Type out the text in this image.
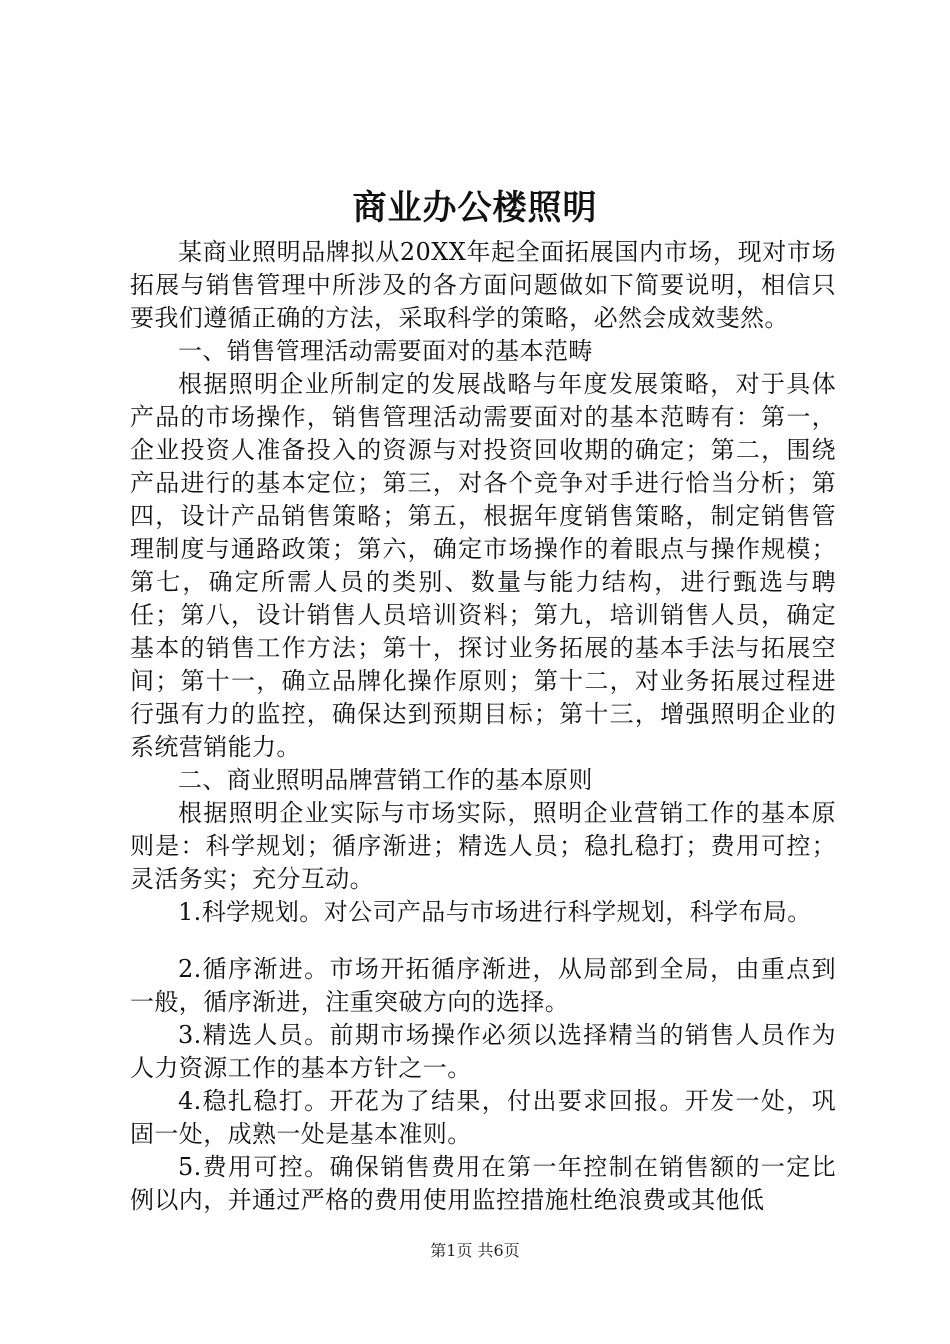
商业办公楼照明

某商业照明品牌拟从20XX年起全面拓展国内市场，现对市场拓展与销售管理中所涉及的各方面问题做如下简要说明，相信只要我们遵循正确的方法，采取科学的策略，必然会成效斐然。

一、销售管理活动需要面对的基本范畴

根据照明企业所制定的发展战略与年度发展策略，对于具体产品的市场操作，销售管理活动需要面对的基本范畴有：第一，企业投资人准备投入的资源与对投资回收期的确定；第二，围绕产品进行的基本定位；第三，对各个竞争对手进行恰当分析；第四，设计产品销售策略；第五，根据年度销售策略，制定销售管理制度与通路政策；第六，确定市场操作的着眼点与操作规模；第七，确定所需人员的类别、数量与能力结构，进行甄选与聘任；第八，设计销售人员培训资料；第九，培训销售人员，确定基本的销售工作方法；第十，探讨业务拓展的基本手法与拓展空间；第十一，确立品牌化操作原则；第十二，对业务拓展过程进行强有力的监控，确保达到预期目标；第十三，增强照明企业的系统营销能力。

二、商业照明品牌营销工作的基本原则

根据照明企业实际与市场实际，照明企业营销工作的基本原则是：科学规划；循序渐进；精选人员；稳扎稳打；费用可控；灵活务实；充分互动。

1.科学规划。对公司产品与市场进行科学规划，科学布局。

2.循序渐进。市场开拓循序渐进，从局部到全局，由重点到一般，循序渐进，注重突破方向的选择。

3.精选人员。前期市场操作必须以选择精当的销售人员作为人力资源工作的基本方针之一。

4.稳扎稳打。开花为了结果，付出要求回报。开发一处，巩固一处，成熟一处是基本准则。

5.费用可控。确保销售费用在第一年控制在销售额的一定比例以内，并通过严格的费用使用监控措施杜绝浪费或其他低

第1页 共6页
